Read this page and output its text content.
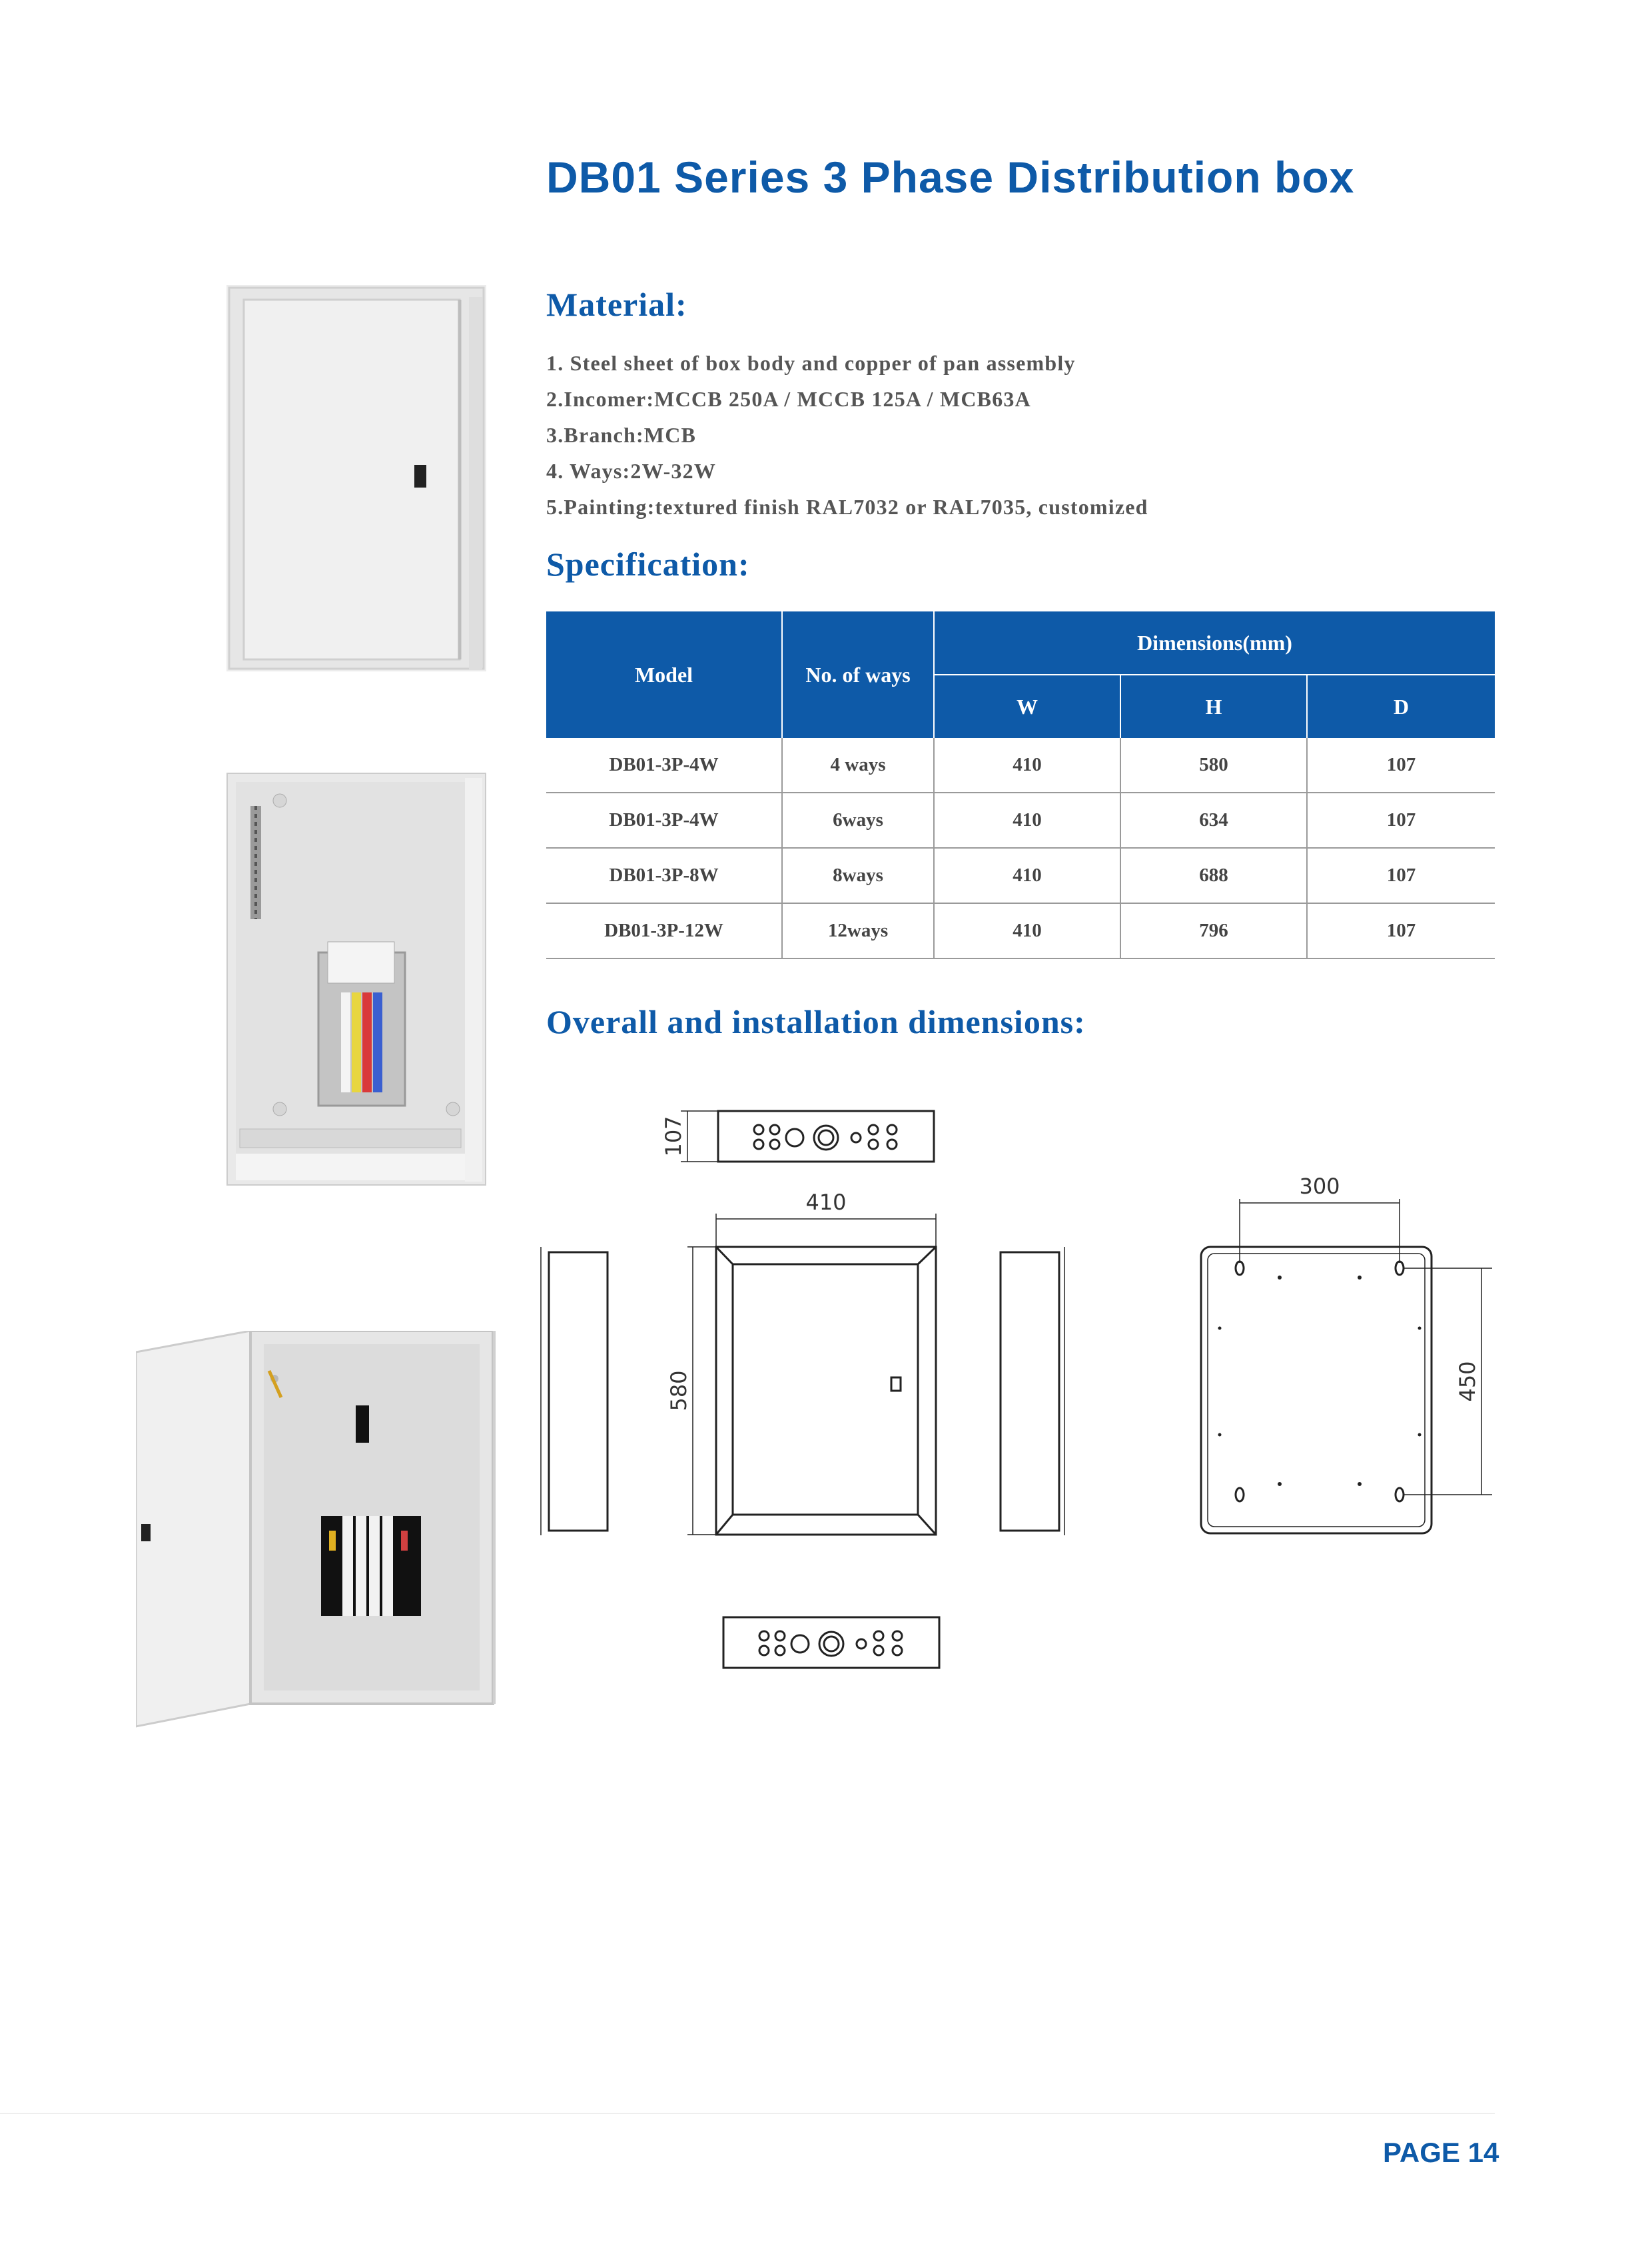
DB01 Series 3 Phase Distribution box
Material:
1. Steel sheet of box body and copper of pan assembly
2.Incomer:MCCB 250A / MCCB 125A / MCB63A
3.Branch:MCB
4. Ways:2W-32W
5.Painting:textured finish RAL7032 or RAL7035, customized
Specification:
Model	No. of ways	Dimensions(mm)		
		W	H	D
DB01-3P-4W	4 ways	410	580	107
DB01-3P-4W	6ways	410	634	107
DB01-3P-8W	8ways	410	688	107
DB01-3P-12W	12ways	410	796	107
Overall and installation dimensions:
107
410
580
300
450
PAGE 14
